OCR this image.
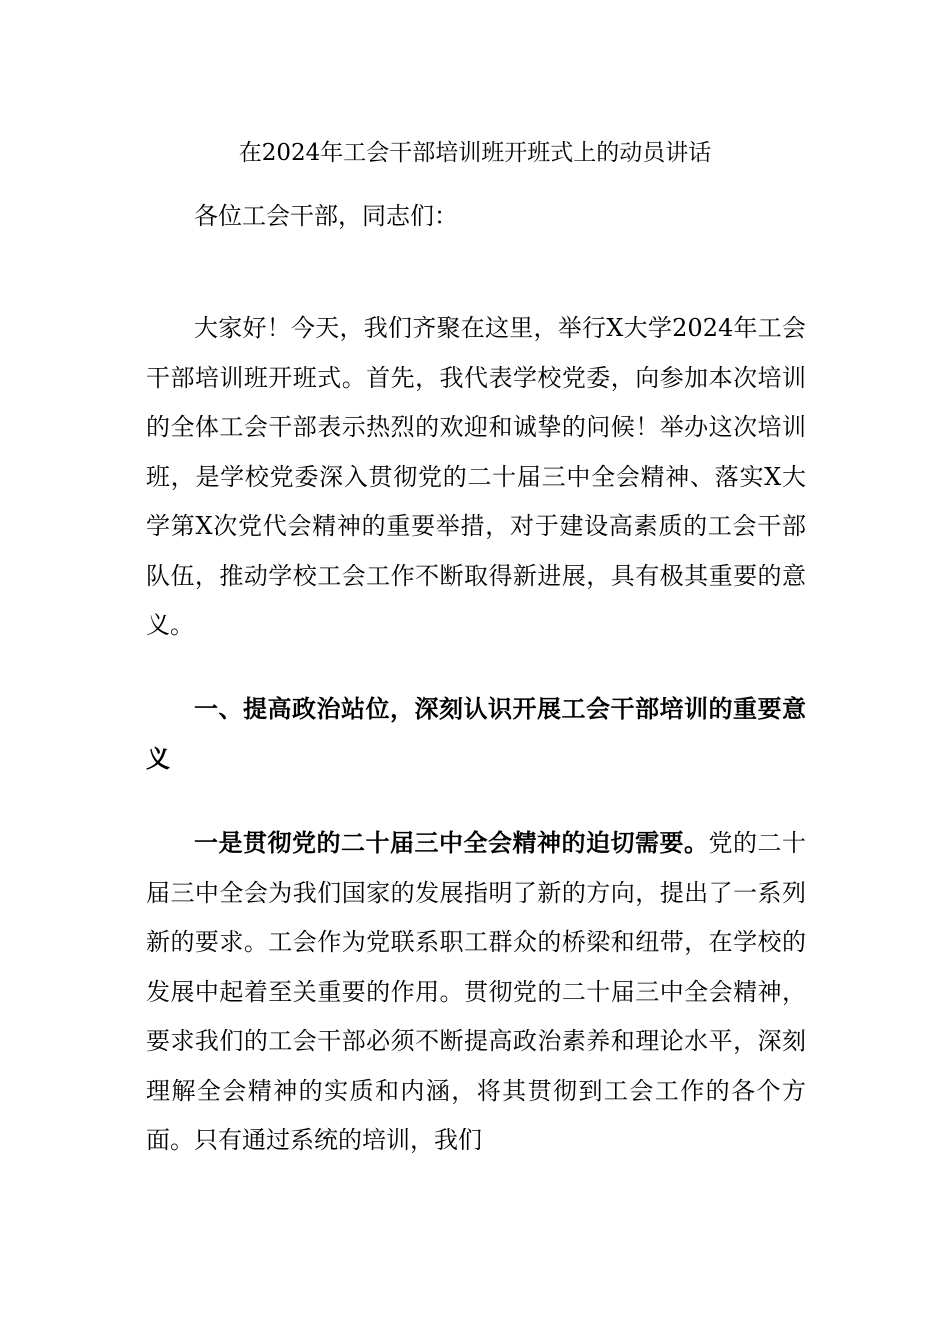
在2024年工会干部培训班开班式上的动员讲话
各位工会干部，同志们：
大家好！今天，我们齐聚在这里，举行X大学2024年工会干部培训班开班式。首先，我代表学校党委，向参加本次培训的全体工会干部表示热烈的欢迎和诚挚的问候！举办这次培训班，是学校党委深入贯彻党的二十届三中全会精神、落实X大学第X次党代会精神的重要举措，对于建设高素质的工会干部队伍，推动学校工会工作不断取得新进展，具有极其重要的意义。
一、提高政治站位，深刻认识开展工会干部培训的重要意义
一是贯彻党的二十届三中全会精神的迫切需要。党的二十届三中全会为我们国家的发展指明了新的方向，提出了一系列新的要求。工会作为党联系职工群众的桥梁和纽带，在学校的发展中起着至关重要的作用。贯彻党的二十届三中全会精神，要求我们的工会干部必须不断提高政治素养和理论水平，深刻理解全会精神的实质和内涵，将其贯彻到工会工作的各个方面。只有通过系统的培训，我们
